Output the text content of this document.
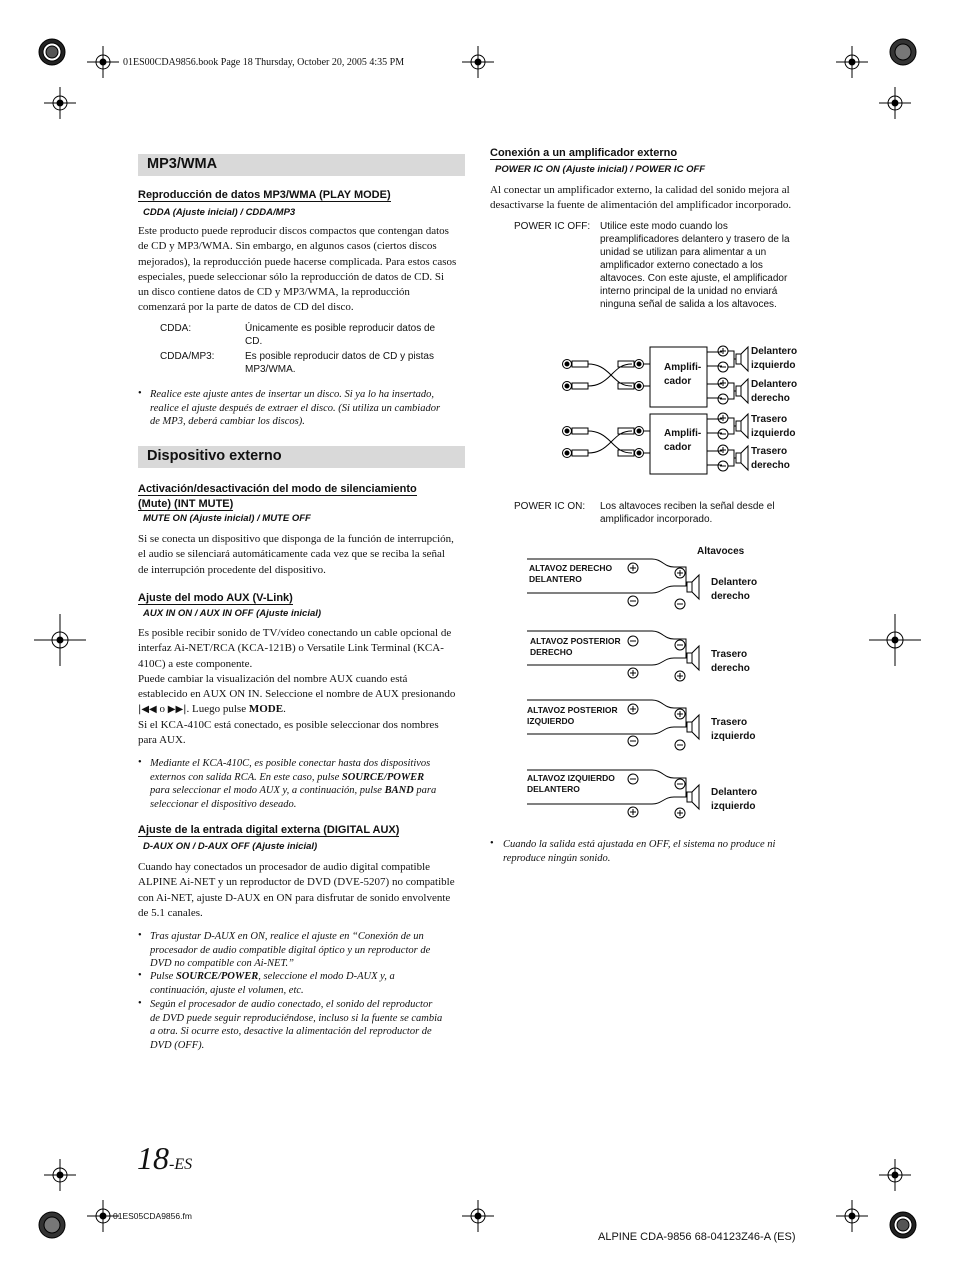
01ES00CDA9856.book Page 18 Thursday, October 20, 2005 4:35 PM
MP3/WMA
Reproducción de datos MP3/WMA (PLAY MODE)
CDDA (Ajuste inicial) / CDDA/MP3
Este producto puede reproducir discos compactos que contengan datos
de CD y MP3/WMA. Sin embargo, en algunos casos (ciertos discos
mejorados), la reproducción puede hacerse complicada. Para estos casos
especiales, puede seleccionar sólo la reproducción de datos de CD. Si
un disco contiene datos de CD y MP3/WMA, la reproducción
comenzará por la parte de datos de CD del disco.
CDDA:	Únicamente es posible reproducir datos de
CD.
CDDA/MP3:	Es posible reproducir datos de CD y pistas
MP3/WMA.
• Realice este ajuste antes de insertar un disco. Si ya lo ha insertado,
realice el ajuste después de extraer el disco. (Si utiliza un cambiador
de MP3, deberá cambiar los discos).
Dispositivo externo
Activación/desactivación del modo de silenciamiento
(Mute) (INT MUTE)
MUTE ON (Ajuste inicial) / MUTE OFF
Si se conecta un dispositivo que disponga de la función de interrupción,
el audio se silenciará automáticamente cada vez que se reciba la señal
de interrupción procedente del dispositivo.
Ajuste del modo AUX (V-Link)
AUX IN ON / AUX IN OFF (Ajuste inicial)
Es posible recibir sonido de TV/vídeo conectando un cable opcional de
interfaz Ai-NET/RCA (KCA-121B) o Versatile Link Terminal (KCA-
410C) a este componente.
Puede cambiar la visualización del nombre AUX cuando está
establecido en AUX ON IN. Seleccione el nombre de AUX presionando
|◀◀ o ▶▶|. Luego pulse MODE.
Si el KCA-410C está conectado, es posible seleccionar dos nombres
para AUX.
• Mediante el KCA-410C, es posible conectar hasta dos dispositivos
externos con salida RCA. En este caso, pulse SOURCE/POWER
para seleccionar el modo AUX y, a continuación, pulse BAND para
seleccionar el dispositivo deseado.
Ajuste de la entrada digital externa (DIGITAL AUX)
D-AUX ON / D-AUX OFF (Ajuste inicial)
Cuando hay conectados un procesador de audio digital compatible
ALPINE Ai-NET y un reproductor de DVD (DVE-5207) no compatible
con Ai-NET, ajuste D-AUX en ON para disfrutar de sonido envolvente
de 5.1 canales.
• Tras ajustar D-AUX en ON, realice el ajuste en “Conexión de un
procesador de audio compatible digital óptico y un reproductor de
DVD no compatible con Ai-NET.”
• Pulse SOURCE/POWER, seleccione el modo D-AUX y, a
continuación, ajuste el volumen, etc.
• Según el procesador de audio conectado, el sonido del reproductor
de DVD puede seguir reproduciéndose, incluso si la fuente se cambia
a otra. Si ocurre esto, desactive la alimentación del reproductor de
DVD (OFF).
Conexión a un amplificador externo
POWER IC ON (Ajuste inicial) / POWER IC OFF
Al conectar un amplificador externo, la calidad del sonido mejora al
desactivarse la fuente de alimentación del amplificador incorporado.
POWER IC OFF: Utilice este modo cuando los
preamplificadores delantero y trasero de la
unidad se utilizan para alimentar a un
amplificador externo conectado a los
altavoces. Con este ajuste, el amplificador
interno principal de la unidad no enviará
ninguna señal de salida a los altavoces.
Amplifi-
cador
Amplifi-
cador
Delantero
izquierdo
Delantero
derecho
Trasero
izquierdo
Trasero
derecho
POWER IC ON: Los altavoces reciben la señal desde el
amplificador incorporado.
Altavoces
ALTAVOZ DERECHO
DELANTERO
ALTAVOZ POSTERIOR
DERECHO
ALTAVOZ POSTERIOR
IZQUIERDO
ALTAVOZ IZQUIERDO
DELANTERO
Delantero
derecho
Trasero
derecho
Trasero
izquierdo
Delantero
izquierdo
• Cuando la salida está ajustada en OFF, el sistema no produce ni
reproduce ningún sonido.
18-ES
01ES05CDA9856.fm
ALPINE CDA-9856 68-04123Z46-A (ES)
